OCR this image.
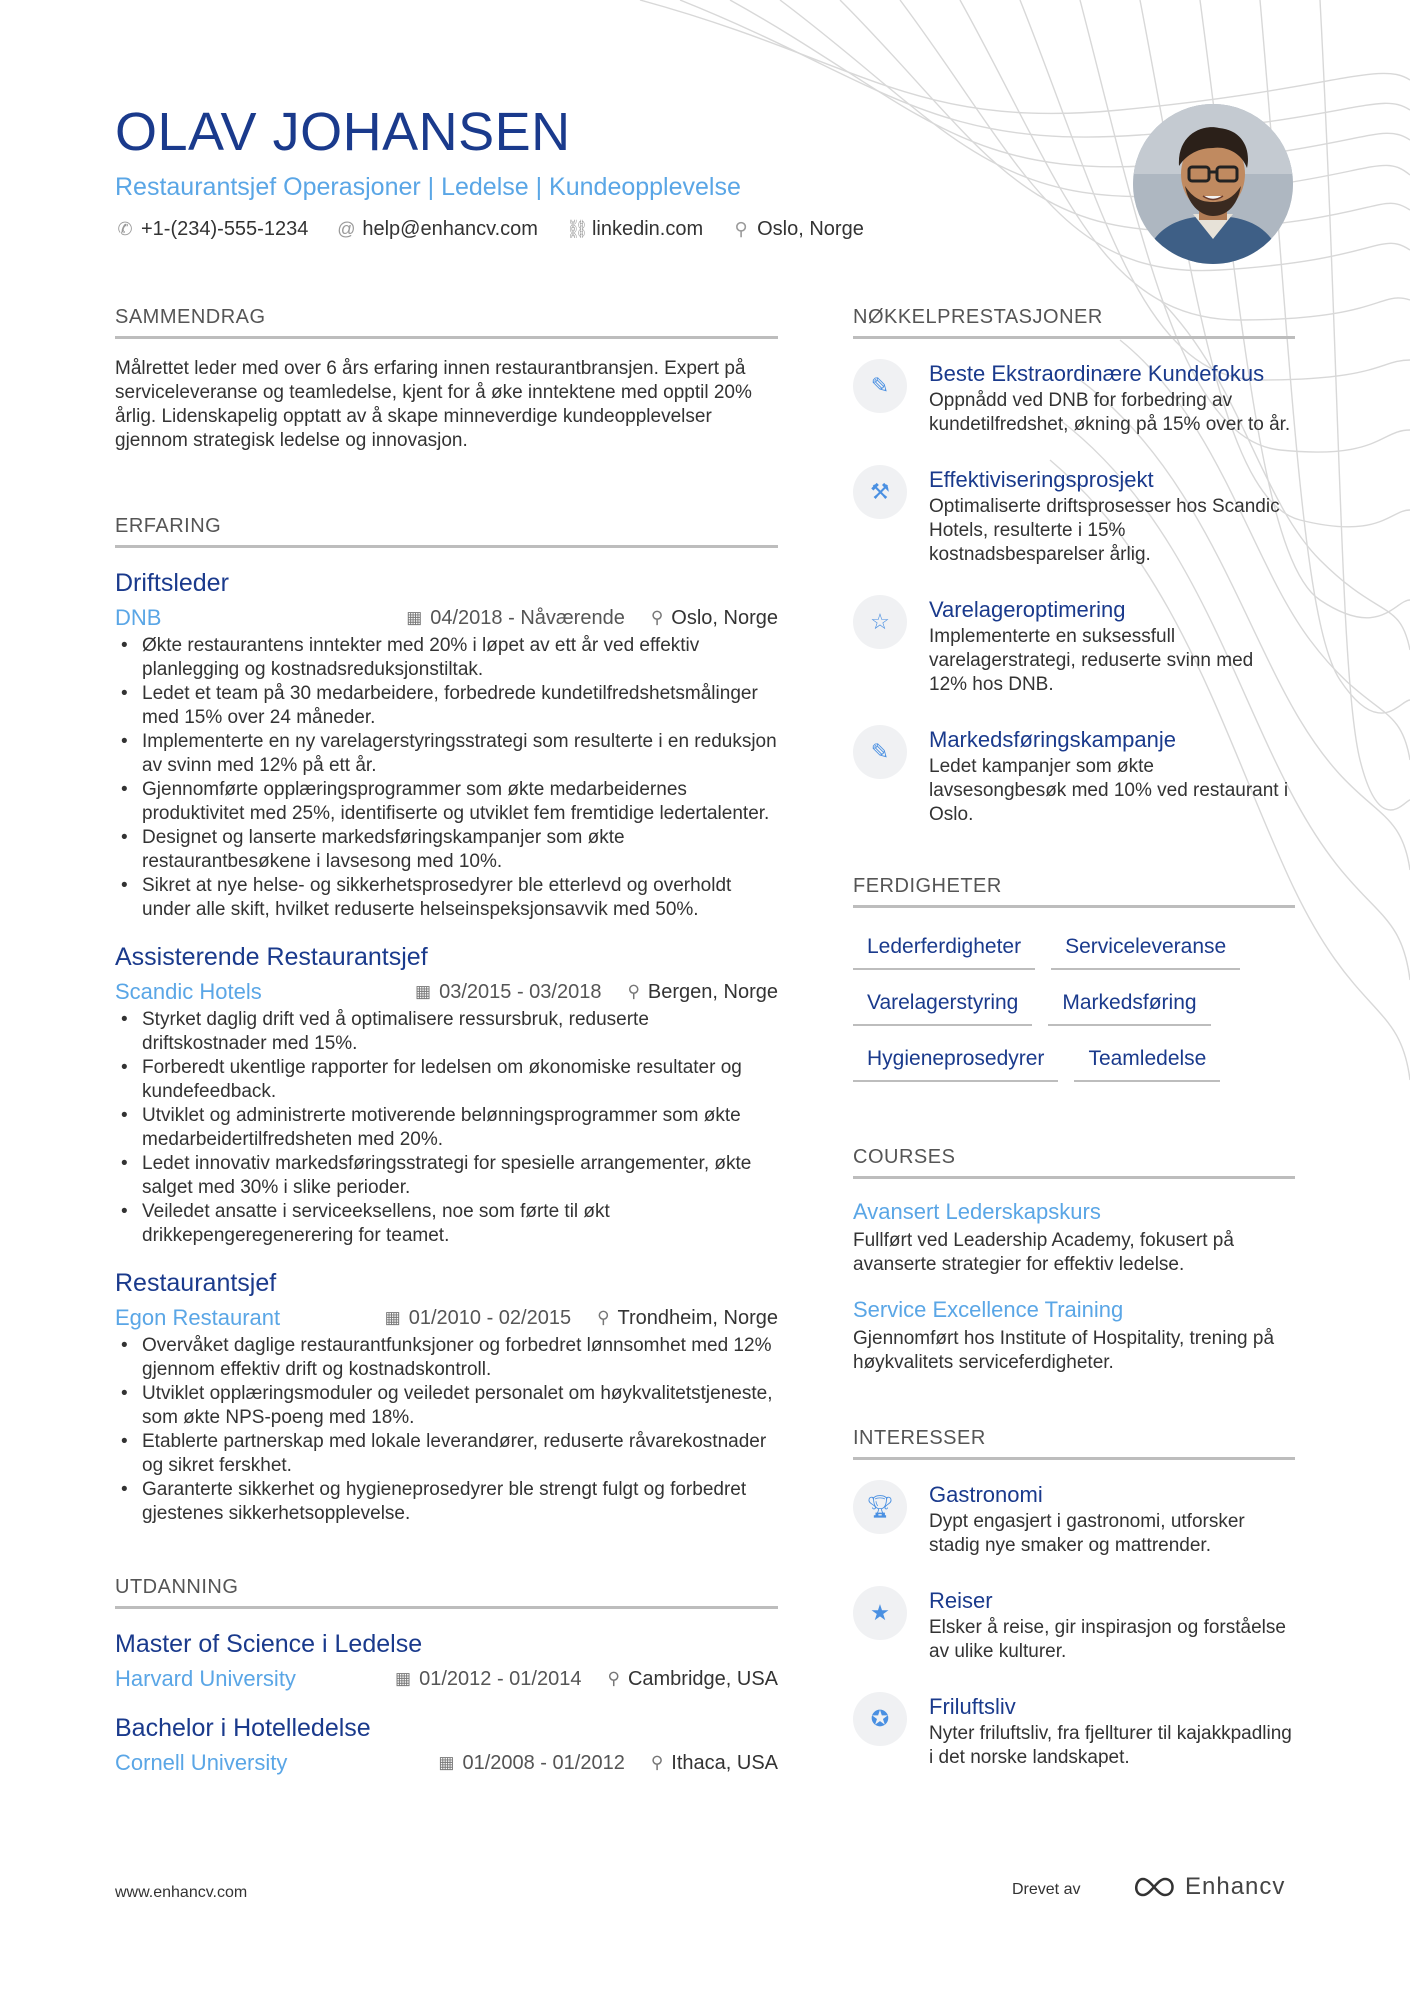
OLAV JOHANSEN
Restaurantsjef Operasjoner | Ledelse | Kundeopplevelse
✆ +1-(234)-555-1234 @ help@enhancv.com ⛓ linkedin.com ⚲ Oslo, Norge
SAMMENDRAG
Målrettet leder med over 6 års erfaring innen restaurantbransjen. Expert på serviceleveranse og teamledelse, kjent for å øke inntektene med opptil 20% årlig. Lidenskapelig opptatt av å skape minneverdige kundeopplevelser gjennom strategisk ledelse og innovasjon.
ERFARING
Driftsleder
DNB	▦ 04/2018 - Nåværende ⚲ Oslo, Norge
• Økte restaurantens inntekter med 20% i løpet av ett år ved effektiv planlegging og kostnadsreduksjonstiltak.
• Ledet et team på 30 medarbeidere, forbedrede kundetilfredshetsmålinger med 15% over 24 måneder.
• Implementerte en ny varelagerstyringsstrategi som resulterte i en reduksjon av svinn med 12% på ett år.
• Gjennomførte opplæringsprogrammer som økte medarbeidernes produktivitet med 25%, identifiserte og utviklet fem fremtidige ledertalenter.
• Designet og lanserte markedsføringskampanjer som økte restaurantbesøkene i lavsesong med 10%.
• Sikret at nye helse- og sikkerhetsprosedyrer ble etterlevd og overholdt under alle skift, hvilket reduserte helseinspeksjonsavvik med 50%.
Assisterende Restaurantsjef
Scandic Hotels	▦ 03/2015 - 03/2018 ⚲ Bergen, Norge
• Styrket daglig drift ved å optimalisere ressursbruk, reduserte driftskostnader med 15%.
• Forberedt ukentlige rapporter for ledelsen om økonomiske resultater og kundefeedback.
• Utviklet og administrerte motiverende belønningsprogrammer som økte medarbeidertilfredsheten med 20%.
• Ledet innovativ markedsføringsstrategi for spesielle arrangementer, økte salget med 30% i slike perioder.
• Veiledet ansatte i serviceeksellens, noe som førte til økt drikkepengeregenerering for teamet.
Restaurantsjef
Egon Restaurant	▦ 01/2010 - 02/2015 ⚲ Trondheim, Norge
• Overvåket daglige restaurantfunksjoner og forbedret lønnsomhet med 12% gjennom effektiv drift og kostnadskontroll.
• Utviklet opplæringsmoduler og veiledet personalet om høykvalitetstjeneste, som økte NPS-poeng med 18%.
• Etablerte partnerskap med lokale leverandører, reduserte råvarekostnader og sikret ferskhet.
• Garanterte sikkerhet og hygieneprosedyrer ble strengt fulgt og forbedret gjestenes sikkerhetsopplevelse.
UTDANNING
Master of Science i Ledelse
Harvard University	▦ 01/2012 - 01/2014 ⚲ Cambridge, USA
Bachelor i Hotelledelse
Cornell University	▦ 01/2008 - 01/2012 ⚲ Ithaca, USA
NØKKELPRESTASJONER
✎	Beste Ekstraordinære Kundefokus
Oppnådd ved DNB for forbedring av kundetilfredshet, økning på 15% over to år.
⚒	Effektiviseringsprosjekt
Optimaliserte driftsprosesser hos Scandic Hotels, resulterte i 15% kostnadsbesparelser årlig.
☆	Varelageroptimering
Implementerte en suksessfull varelagerstrategi, reduserte svinn med 12% hos DNB.
✎	Markedsføringskampanje
Ledet kampanjer som økte lavsesongbesøk med 10% ved restaurant i Oslo.
FERDIGHETER
Lederferdigheter	Serviceleveranse
Varelagerstyring	Markedsføring
Hygieneprosedyrer	Teamledelse
COURSES
Avansert Lederskapskurs
Fullført ved Leadership Academy, fokusert på avanserte strategier for effektiv ledelse.
Service Excellence Training
Gjennomført hos Institute of Hospitality, trening på høykvalitets serviceferdigheter.
INTERESSER
🏆︎	Gastronomi
Dypt engasjert i gastronomi, utforsker stadig nye smaker og mattrender.
★	Reiser
Elsker å reise, gir inspirasjon og forståelse av ulike kulturer.
✪	Friluftsliv
Nyter friluftsliv, fra fjellturer til kajakkpadling i det norske landskapet.
www.enhancv.com	Drevet av	Enhancv
